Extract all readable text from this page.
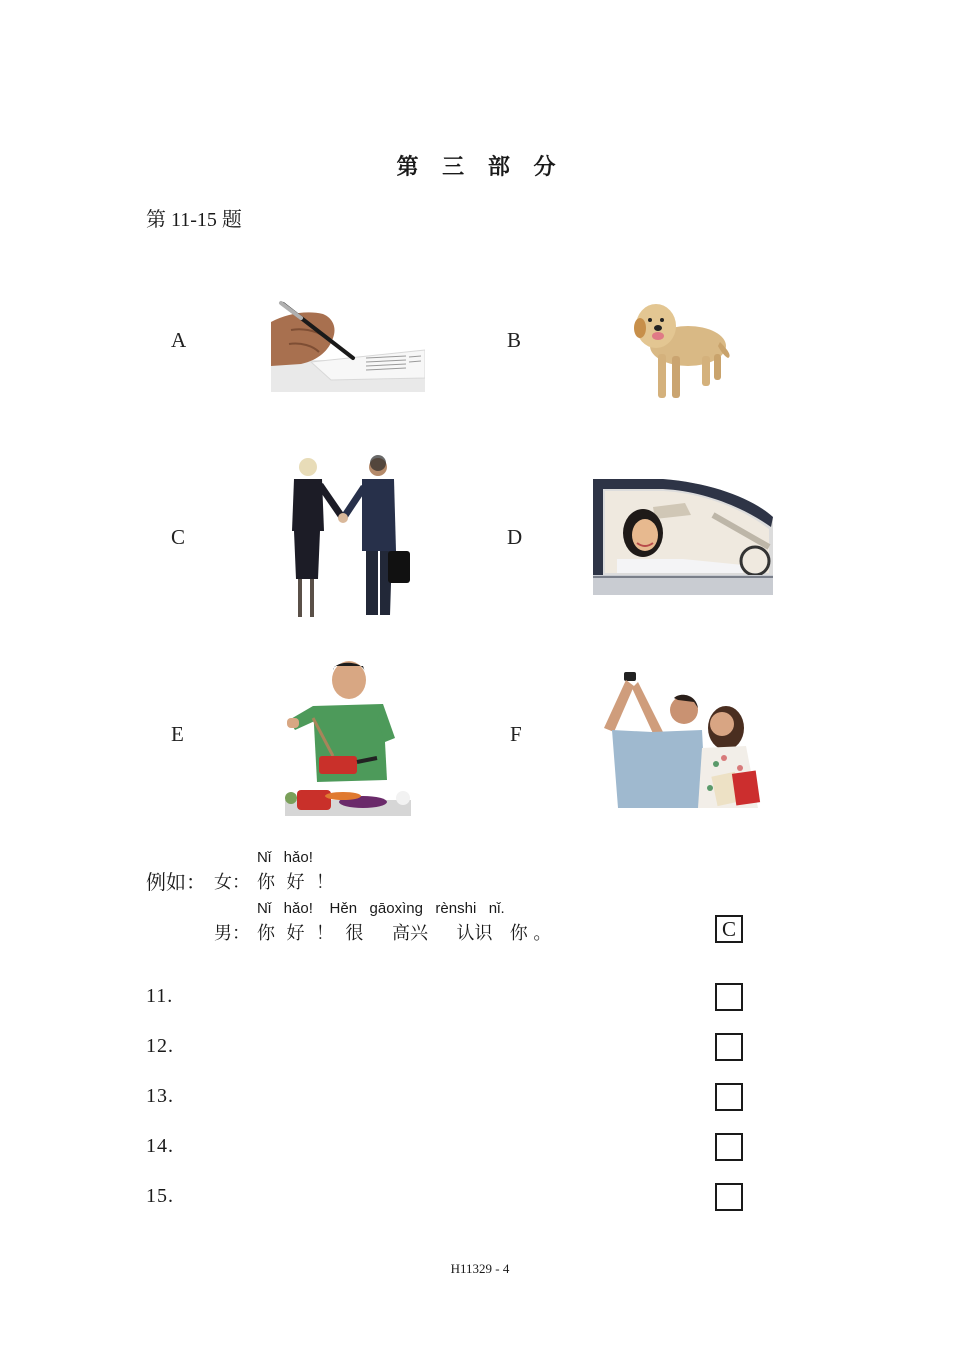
第 三 部 分
第 11-15 题
A	B
C	D
E	F
例如：
Nǐ   hǎo!
女： 你  好  ！
Nǐ   hǎo!    Hěn   gāoxìng   rènshi   nǐ.
男： 你  好  ！  很     高兴     认识   你 。	C
11.
12.
13.
14.
15.
H11329 - 4
